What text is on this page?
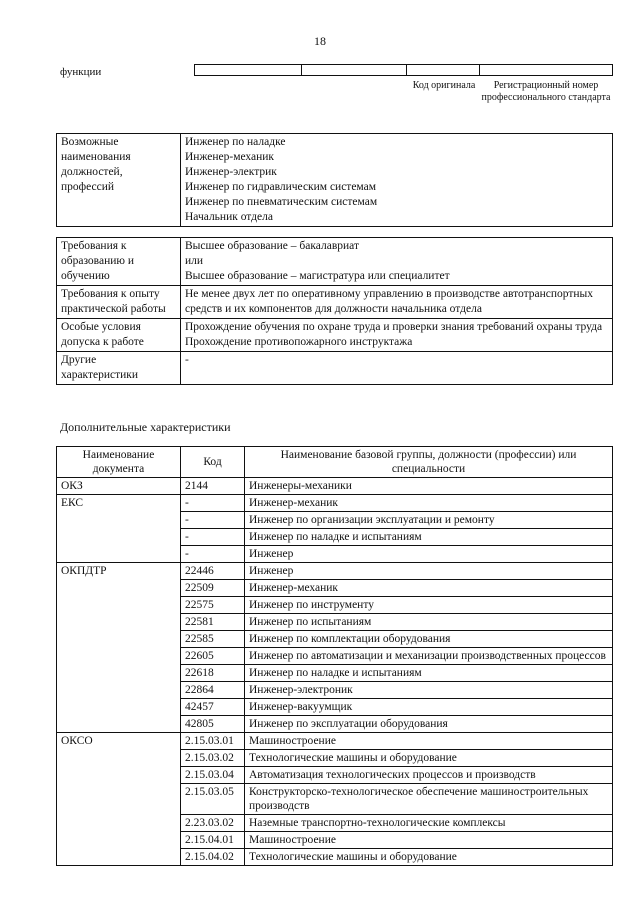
18
функции

Код оригинала	Регистрационный номер профессионального стандарта
Возможные наименования должностей, профессий	
Инженер по наладке
Инженер-механик
Инженер-электрик
Инженер по гидравлическим системам
Инженер по пневматическим системам
Начальник отдела
Требования к образованию и обучению	Высшее образование – бакалавриат
или
Высшее образование – магистратура или специалитет

Требования к опыту практической работы	Не менее двух лет по оперативному управлению в производстве автотранспортных средств и их компонентов для должности начальника отдела

Особые условия допуска к работе	Прохождение обучения по охране труда и проверки знания требований охраны труда
Прохождение противопожарного инструктажа

Другие характеристики	-
Дополнительные характеристики
Наименование документа	Код	Наименование базовой группы, должности (профессии) или специальности
ОКЗ	2144	Инженеры-механики
ЕКС	-	Инженер-механик
	-	Инженер по организации эксплуатации и ремонту
	-	Инженер по наладке и испытаниям
	-	Инженер
ОКПДТР	22446	Инженер
	22509	Инженер-механик
	22575	Инженер по инструменту
	22581	Инженер по испытаниям
	22585	Инженер по комплектации оборудования
	22605	Инженер по автоматизации и механизации производственных процессов
	22618	Инженер по наладке и испытаниям
	22864	Инженер-электроник
	42457	Инженер-вакуумщик
	42805	Инженер по эксплуатации оборудования
ОКСО	2.15.03.01	Машиностроение
	2.15.03.02	Технологические машины и оборудование
	2.15.03.04	Автоматизация технологических процессов и производств
	2.15.03.05	Конструкторско-технологическое обеспечение машиностроительных производств
	2.23.03.02	Наземные транспортно-технологические комплексы
	2.15.04.01	Машиностроение
	2.15.04.02	Технологические машины и оборудование
